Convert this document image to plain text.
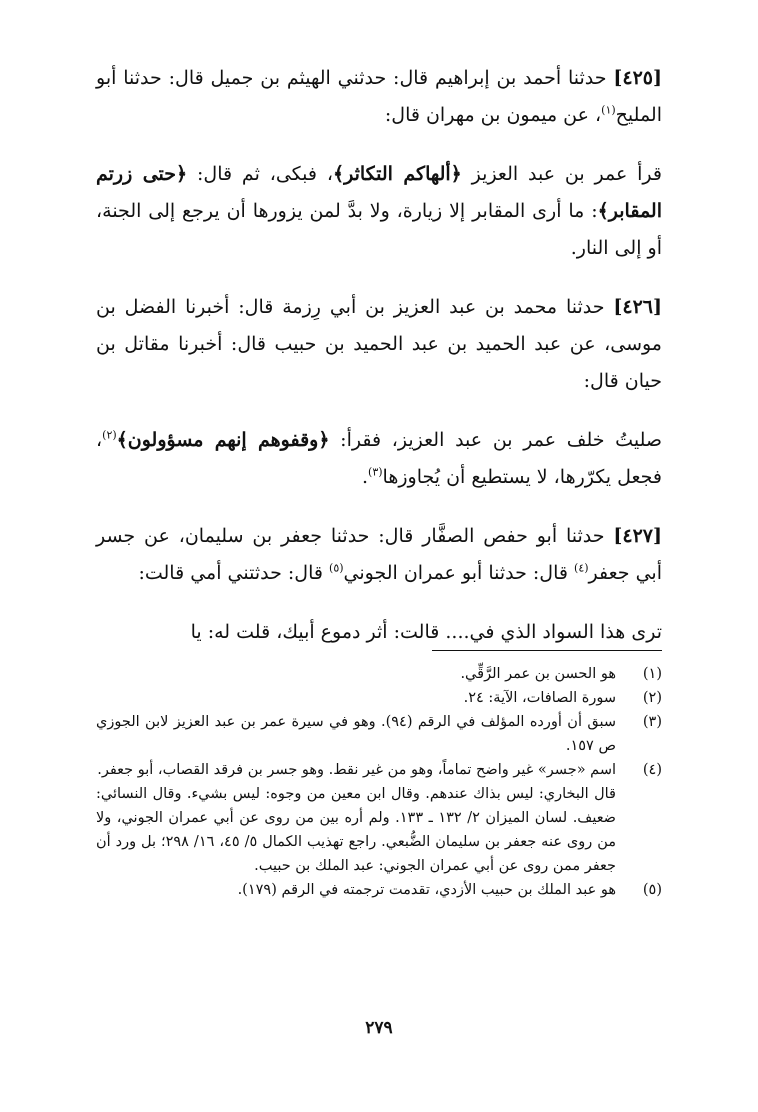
[٤٢٥] حدثنا أحمد بن إبراهيم قال: حدثني الهيثم بن جميل قال: حدثنا أبو المليح$^{(١)}$، عن ميمون بن مهران قال:

قرأ عمر بن عبد العزيز ﴿ألهاكم التكاثر﴾، فبكى، ثم قال: ﴿حتى زرتم المقابر﴾: ما أرى المقابر إلا زيارة، ولا بدَّ لمن يزورها أن يرجع إلى الجنة، أو إلى النار.

[٤٢٦] حدثنا محمد بن عبد العزيز بن أبي رِزمة قال: أخبرنا الفضل بن موسى، عن عبد الحميد بن عبد الحميد بن حبيب قال: أخبرنا مقاتل بن حيان قال:

صليتُ خلف عمر بن عبد العزيز، فقرأ: ﴿وقفوهم إنهم مسؤولون﴾$^{(٢)}$، فجعل يكرّرها، لا يستطيع أن يُجاوزها$^{(٣)}$.

[٤٢٧] حدثنا أبو حفص الصفَّار قال: حدثنا جعفر بن سليمان، عن جسر أبي جعفر$^{(٤)}$ قال: حدثنا أبو عمران الجوني$^{(٥)}$ قال: حدثتني أمي قالت:

ترى هذا السواد الذي في.... قالت: أثر دموع أبيك، قلت له: يا

(١)
هو الحسن بن عمر الرَّقِّي.
(٢)
سورة الصافات، الآية: ٢٤.
(٣)
سبق أن أورده المؤلف في الرقم (٩٤). وهو في سيرة عمر بن عبد العزيز لابن الجوزي ص ١٥٧.
(٤)
اسم «جسر» غير واضح تماماً، وهو من غير نقط. وهو جسر بن فرقد القصاب، أبو جعفر.
قال البخاري: ليس بذاك عندهم. وقال ابن معين من وجوه: ليس بشيء. وقال النسائي: ضعيف. لسان الميزان ٢/ ١٣٢ ـ ١٣٣. ولم أره بين من روى عن أبي عمران الجوني، ولا من روى عنه جعفر بن سليمان الضُّبعي. راجع تهذيب الكمال ٥/ ٤٥، ١٦/ ٢٩٨؛ بل ورد أن جعفر ممن روى عن أبي عمران الجوني: عبد الملك بن حبيب.
(٥)
هو عبد الملك بن حبيب الأزدي، تقدمت ترجمته في الرقم (١٧٩).
٢٧٩
